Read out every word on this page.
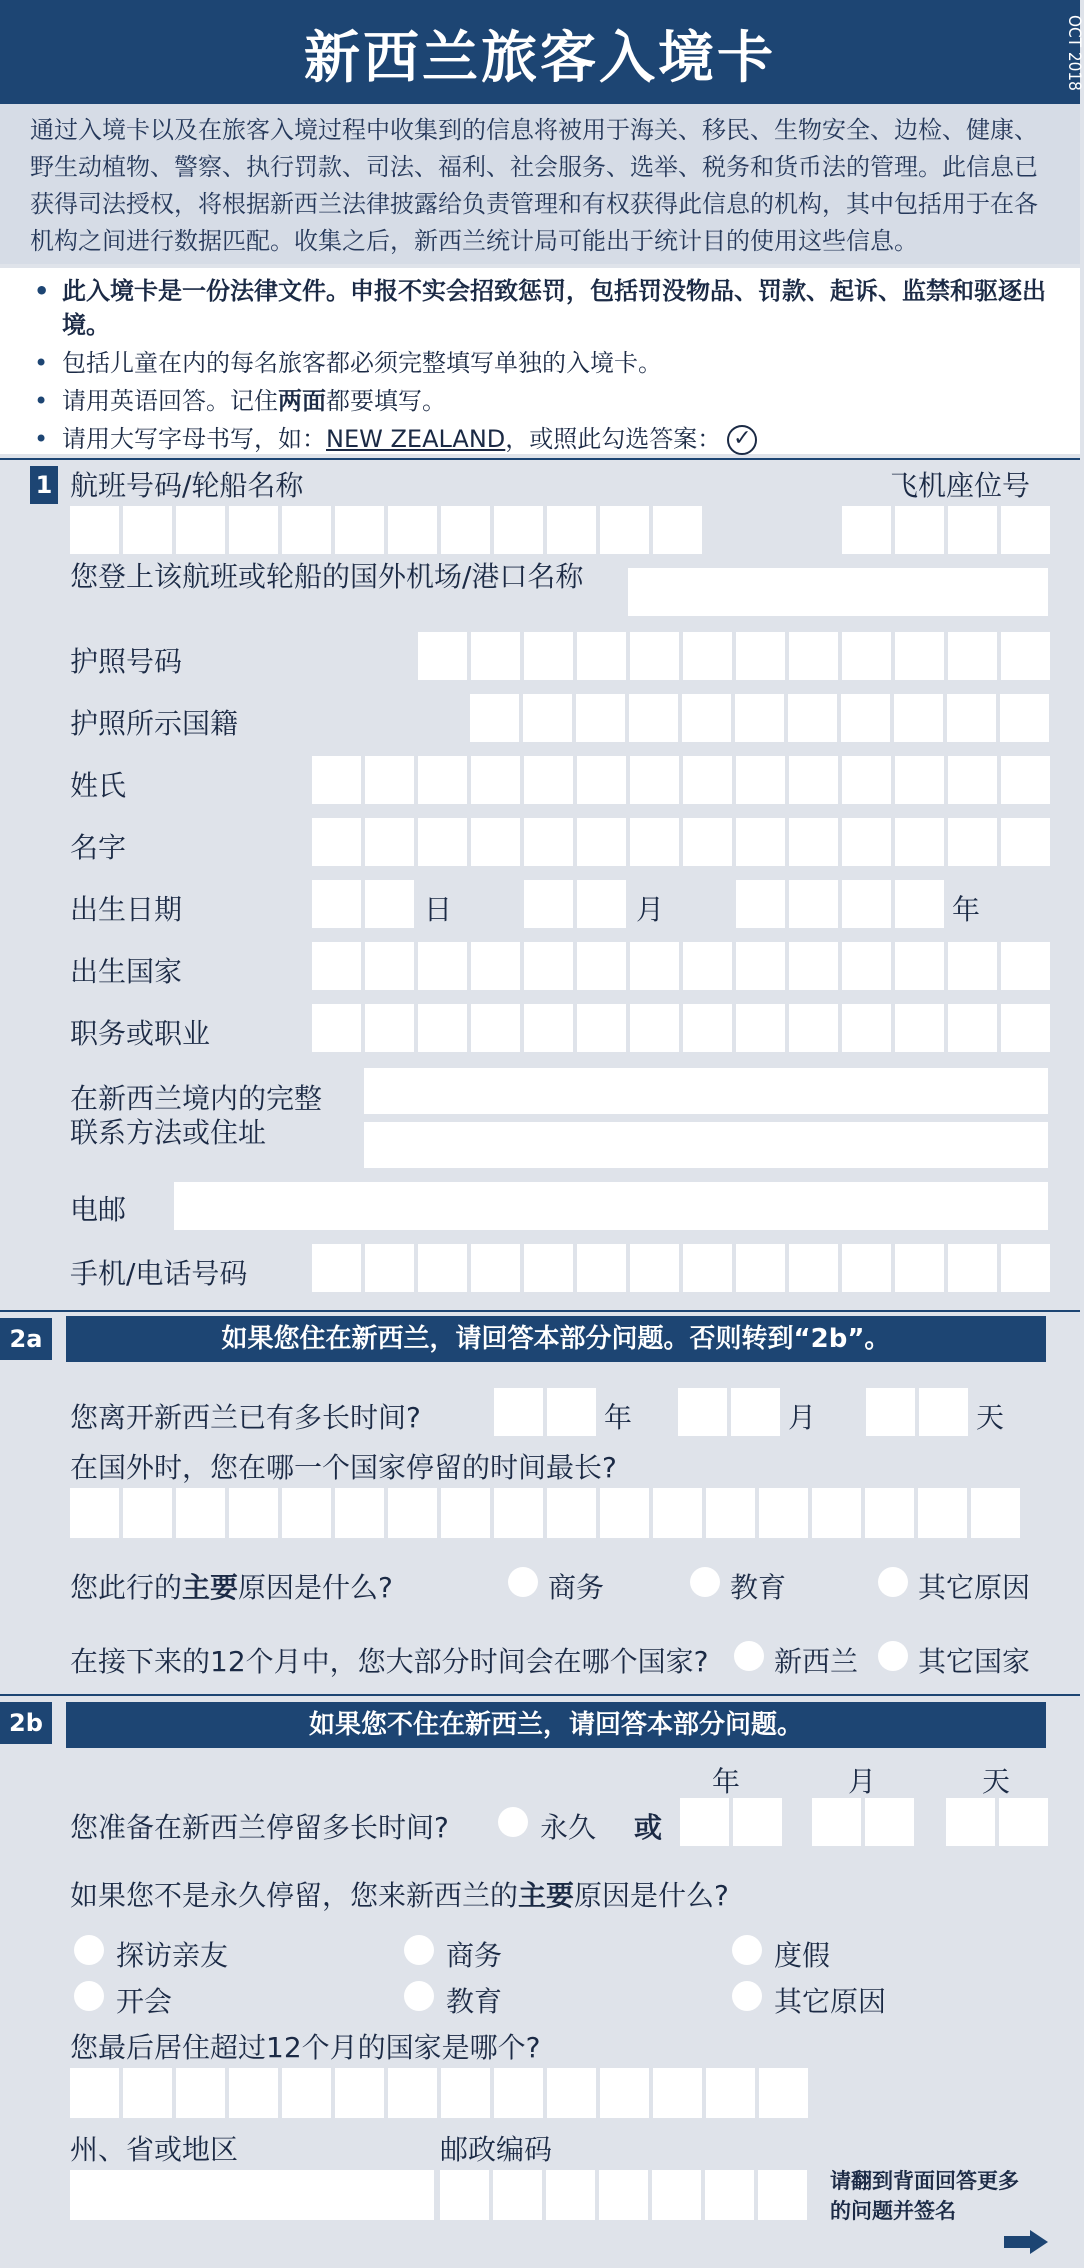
新西兰旅客入境卡	OCT 2018

通过入境卡以及在旅客入境过程中收集到的信息将被用于海关、移民、生物安全、边检、健康、野生动植物、警察、执行罚款、司法、福利、社会服务、选举、税务和货币法的管理。此信息已获得司法授权，将根据新西兰法律披露给负责管理和有权获得此信息的机构，其中包括用于在各机构之间进行数据匹配。收集之后，新西兰统计局可能出于统计目的使用这些信息。

• 此入境卡是一份法律文件。申报不实会招致惩罚，包括罚没物品、罚款、起诉、监禁和驱逐出境。
• 包括儿童在内的每名旅客都必须完整填写单独的入境卡。
• 请用英语回答。记住两面都要填写。
• 请用大写字母书写，如：NEW ZEALAND，或照此勾选答案： ✓
1 航班号码/轮船名称	飞机座位号
您登上该航班或轮船的国外机场/港口名称
护照号码
护照所示国籍
姓氏
名字
出生日期	日	月	年
出生国家
职务或职业
在新西兰境内的完整联系方法或住址
电邮
手机/电话号码
2a	如果您住在新西兰，请回答本部分问题。否则转到“2b”。
您离开新西兰已有多长时间?	年	月	天
在国外时，您在哪一个国家停留的时间最长?
您此行的主要原因是什么?	商务	教育	其它原因
在接下来的12个月中，您大部分时间会在哪个国家? 新西兰 其它国家
2b	如果您不住在新西兰，请回答本部分问题。
年	月	天
您准备在新西兰停留多长时间?	永久 或
如果您不是永久停留，您来新西兰的主要原因是什么?
探访亲友	商务	度假
开会	教育	其它原因
您最后居住超过12个月的国家是哪个?
州、省或地区	邮政编码
请翻到背面回答更多的问题并签名
